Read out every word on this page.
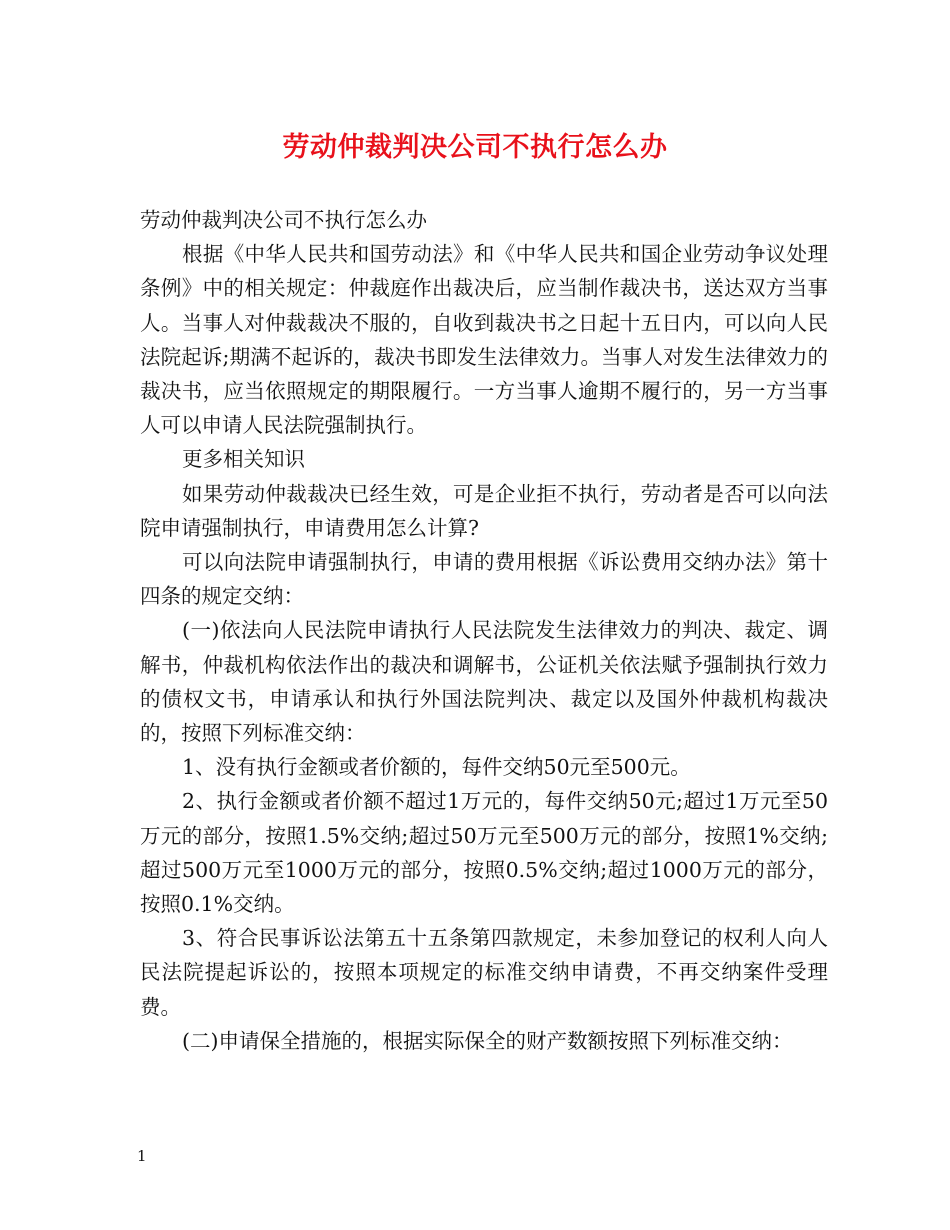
劳动仲裁判决公司不执行怎么办

劳动仲裁判决公司不执行怎么办

根据《中华人民共和国劳动法》和《中华人民共和国企业劳动争议处理条例》中的相关规定：仲裁庭作出裁决后，应当制作裁决书，送达双方当事人。当事人对仲裁裁决不服的，自收到裁决书之日起十五日内，可以向人民法院起诉;期满不起诉的，裁决书即发生法律效力。当事人对发生法律效力的裁决书，应当依照规定的期限履行。一方当事人逾期不履行的，另一方当事人可以申请人民法院强制执行。

更多相关知识

如果劳动仲裁裁决已经生效，可是企业拒不执行，劳动者是否可以向法院申请强制执行，申请费用怎么计算?

可以向法院申请强制执行，申请的费用根据《诉讼费用交纳办法》第十四条的规定交纳：

(一)依法向人民法院申请执行人民法院发生法律效力的判决、裁定、调解书，仲裁机构依法作出的裁决和调解书，公证机关依法赋予强制执行效力的债权文书，申请承认和执行外国法院判决、裁定以及国外仲裁机构裁决的，按照下列标准交纳：

1、没有执行金额或者价额的，每件交纳50元至500元。

2、执行金额或者价额不超过1万元的，每件交纳50元;超过1万元至50万元的部分，按照1.5%交纳;超过50万元至500万元的部分，按照1%交纳;超过500万元至1000万元的部分，按照0.5%交纳;超过1000万元的部分，按照0.1%交纳。

3、符合民事诉讼法第五十五条第四款规定，未参加登记的权利人向人民法院提起诉讼的，按照本项规定的标准交纳申请费，不再交纳案件受理费。

(二)申请保全措施的，根据实际保全的财产数额按照下列标准交纳：

1
